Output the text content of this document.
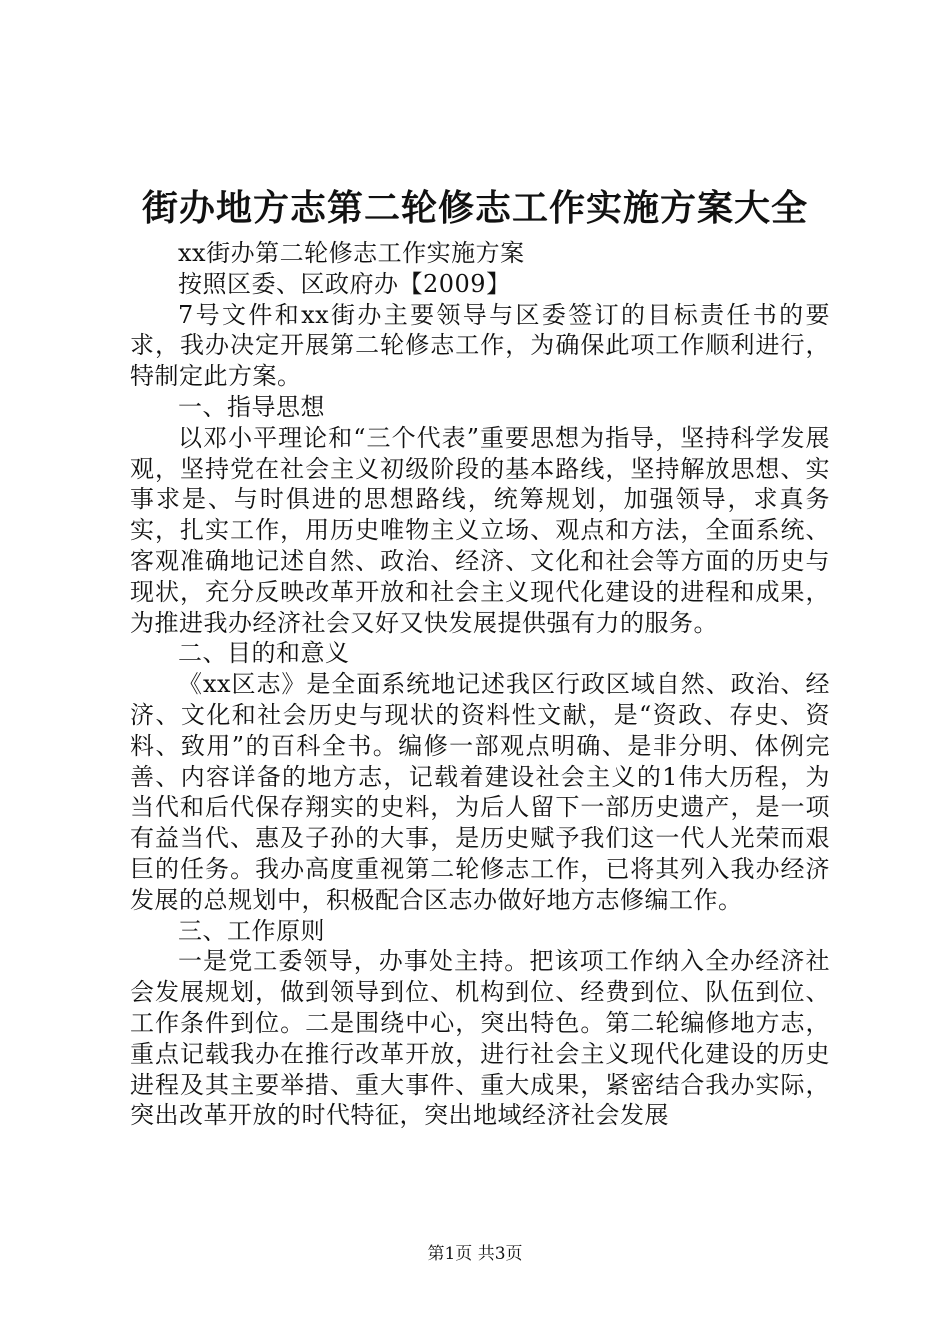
街办地方志第二轮修志工作实施方案大全

xx街办第二轮修志工作实施方案

按照区委、区政府办【2009】

7号文件和xx街办主要领导与区委签订的目标责任书的要求，我办决定开展第二轮修志工作，为确保此项工作顺利进行，特制定此方案。

一、指导思想

以邓小平理论和“三个代表”重要思想为指导，坚持科学发展观，坚持党在社会主义初级阶段的基本路线，坚持解放思想、实事求是、与时俱进的思想路线，统筹规划，加强领导，求真务实，扎实工作，用历史唯物主义立场、观点和方法，全面系统、客观准确地记述自然、政治、经济、文化和社会等方面的历史与现状，充分反映改革开放和社会主义现代化建设的进程和成果，为推进我办经济社会又好又快发展提供强有力的服务。

二、目的和意义

《xx区志》是全面系统地记述我区行政区域自然、政治、经济、文化和社会历史与现状的资料性文献，是“资政、存史、资料、致用”的百科全书。编修一部观点明确、是非分明、体例完善、内容详备的地方志，记载着建设社会主义的1伟大历程，为当代和后代保存翔实的史料，为后人留下一部历史遗产，是一项有益当代、惠及子孙的大事，是历史赋予我们这一代人光荣而艰巨的任务。我办高度重视第二轮修志工作，已将其列入我办经济发展的总规划中，积极配合区志办做好地方志修编工作。

三、工作原则

一是党工委领导，办事处主持。把该项工作纳入全办经济社会发展规划，做到领导到位、机构到位、经费到位、队伍到位、工作条件到位。二是围绕中心，突出特色。第二轮编修地方志，重点记载我办在推行改革开放，进行社会主义现代化建设的历史进程及其主要举措、重大事件、重大成果，紧密结合我办实际，突出改革开放的时代特征，突出地域经济社会发展

第1页 共3页
